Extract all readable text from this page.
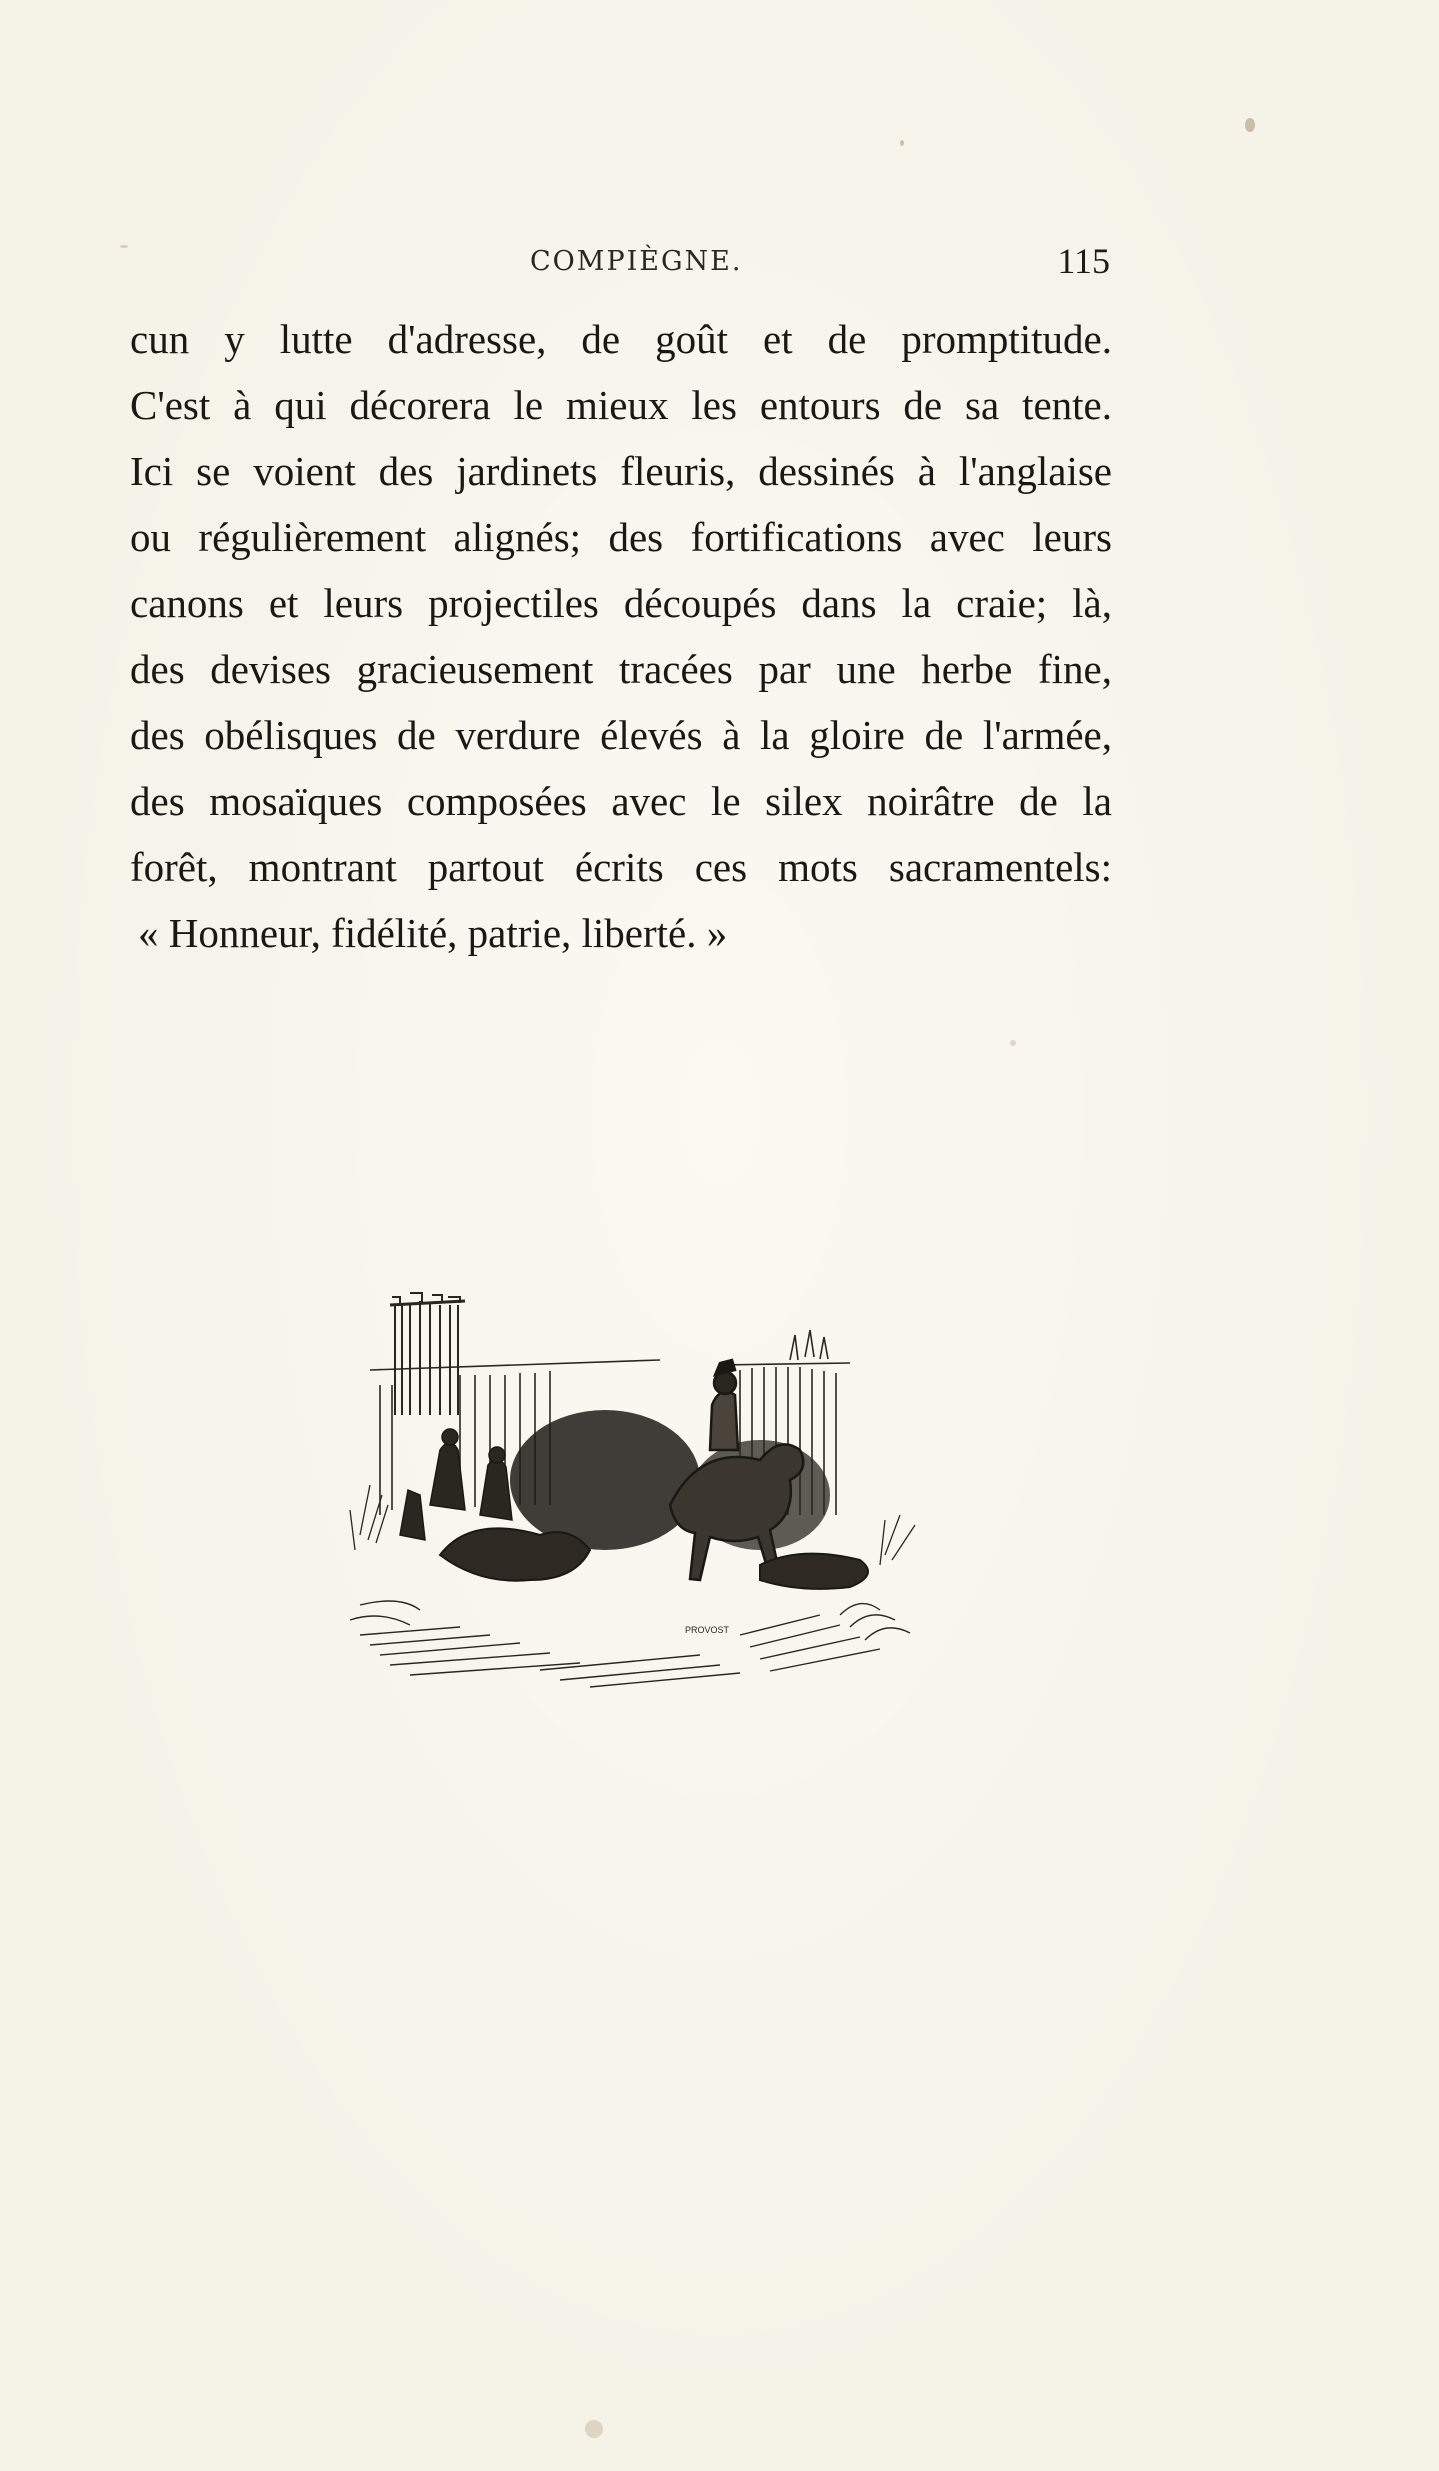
COMPIÈGNE.	115
cun y lutte d'adresse, de goût et de promptitude.
C'est à qui décorera le mieux les entours de sa tente.
Ici se voient des jardinets fleuris, dessinés à l'anglaise
ou régulièrement alignés; des fortifications avec leurs
canons et leurs projectiles découpés dans la craie; là,
des devises gracieusement tracées par une herbe fine,
des obélisques de verdure élevés à la gloire de l'armée,
des mosaïques composées avec le silex noirâtre de la
forêt, montrant partout écrits ces mots sacramentels:
« Honneur, fidélité, patrie, liberté. »
PROVOST
